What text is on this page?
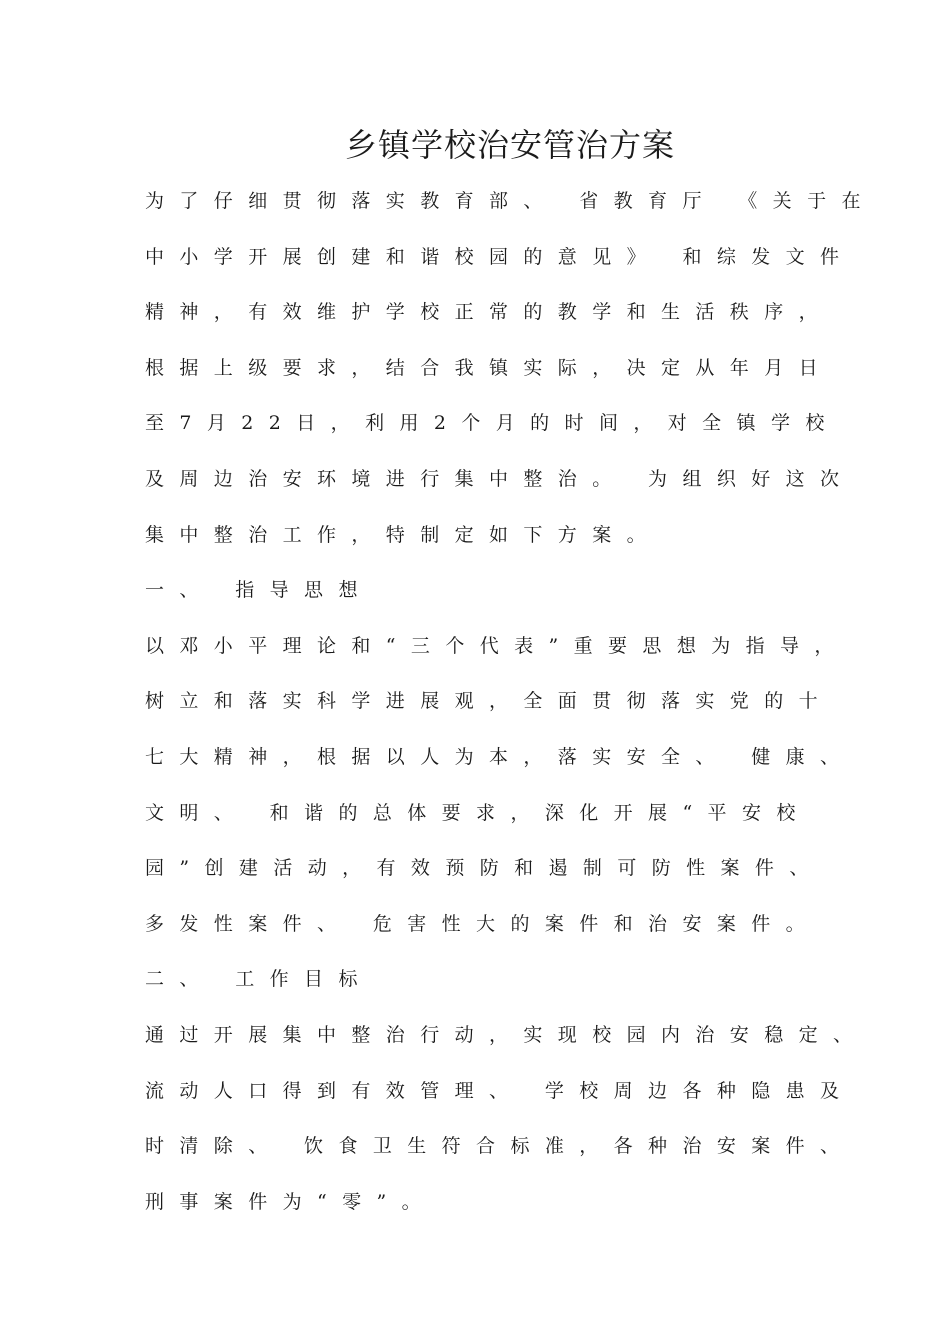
乡镇学校治安管治方案
为了仔细贯彻落实教育部、 省教育厅 《关于在
中小学开展创建和谐校园的意见》 和综发文件
精神，有效维护学校正常的教学和生活秩序，
根据上级要求，结合我镇实际，决定从年月日
至7月22日，利用2个月的时间，对全镇学校
及周边治安环境进行集中整治。 为组织好这次
集中整治工作，特制定如下方案。
一、 指导思想
以邓小平理论和“三个代表”重要思想为指导，
树立和落实科学进展观，全面贯彻落实党的十
七大精神，根据以人为本，落实安全、 健康、
文明、 和谐的总体要求，深化开展“平安校
园”创建活动，有效预防和遏制可防性案件、
多发性案件、 危害性大的案件和治安案件。
二、 工作目标
通过开展集中整治行动，实现校园内治安稳定、
流动人口得到有效管理、 学校周边各种隐患及
时清除、 饮食卫生符合标准，各种治安案件、
刑事案件为“零”。
